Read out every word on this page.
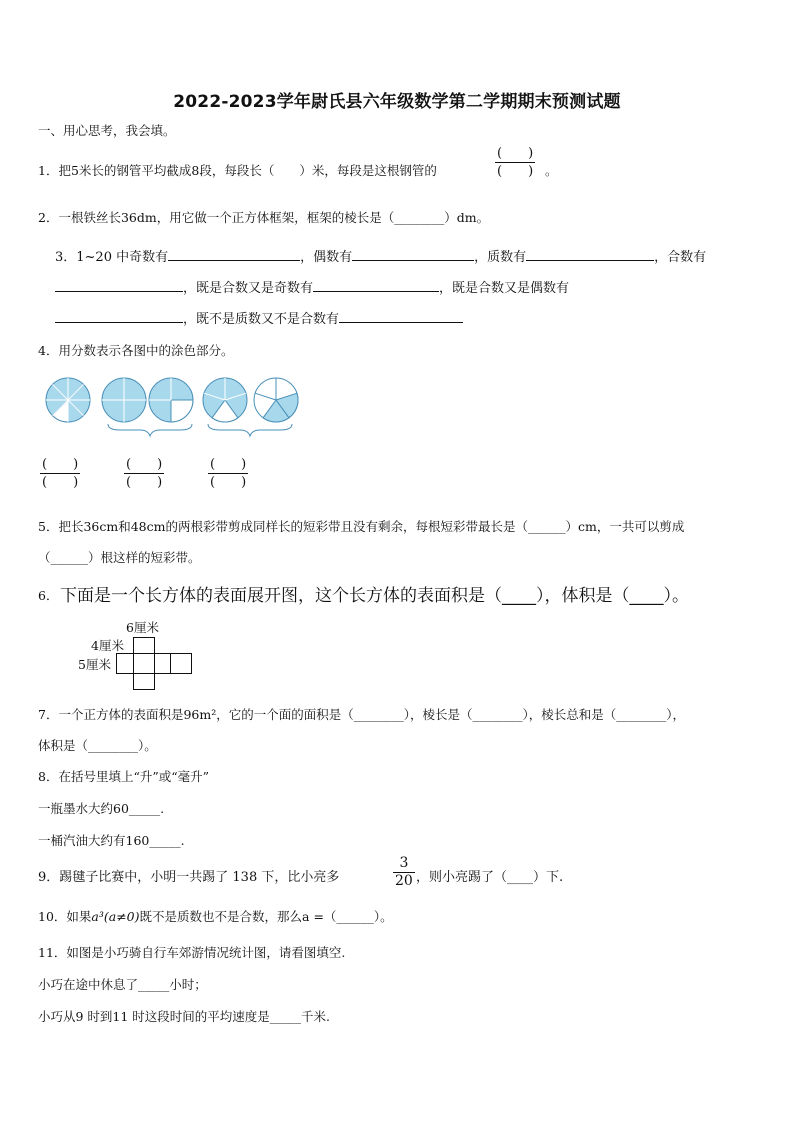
2022-2023学年尉氏县六年级数学第二学期期末预测试题
一、用心思考，我会填。
1．把5米长的钢管平均截成8段，每段长（　　）米，每段是这根钢管的	$\frac{( )}{( )}$ 。
2．一根铁丝长36dm，用它做一个正方体框架，框架的棱长是（________）dm。
3．1~20 中奇数有	，偶数有	，质数有	，合数有
，既是合数又是奇数有	，既是合数又是偶数有
，既不是质数又不是合数有
4．用分数表示各图中的涂色部分。
$\frac{( )}{( )}$	$\frac{( )}{( )}$	$\frac{( )}{( )}$
5．把长36cm和48cm的两根彩带剪成同样长的短彩带且没有剩余，每根短彩带最长是（______）cm，一共可以剪成
（______）根这样的短彩带。
6． 下面是一个长方体的表面展开图，这个长方体的表面积是（____），体积是（____）。
6厘米
4厘米
5厘米
7．一个正方体的表面积是96m²，它的一个面的面积是（________），棱长是（________），棱长总和是（________），
体积是（________）。
8．在括号里填上“升”或“毫升”
一瓶墨水大约60_____.
一桶汽油大约有160_____.
9．踢毽子比赛中，小明一共踢了 138 下，比小亮多	$\frac{3}{20}$ ，则小亮踢了（____）下.
10．如果a³(a≠0)既不是质数也不是合数，那么a =（______）。
11．如图是小巧骑自行车郊游情况统计图，请看图填空.
小巧在途中休息了_____小时；
小巧从9 时到11 时这段时间的平均速度是_____千米.
